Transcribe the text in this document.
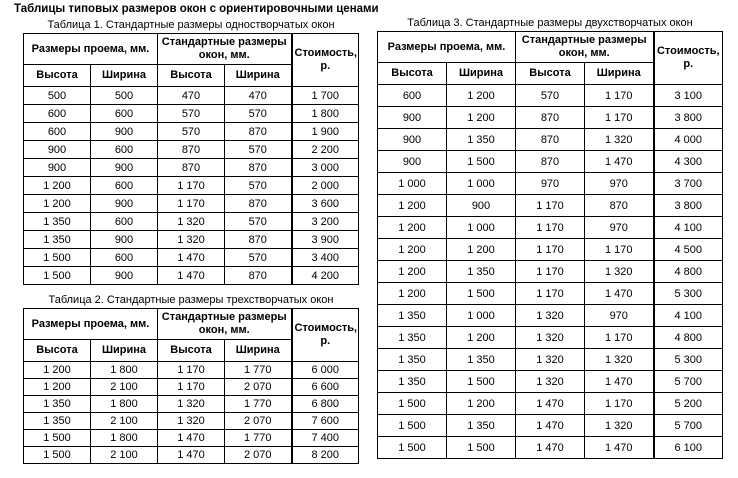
Таблицы типовых размеров окон с ориентировочными ценами
Таблица 1. Стандартные размеры одностворчатых окон
Размеры проема, мм.		Стандартные размеры окон, мм.		Стоимость, р.
Высота	Ширина	Высота	Ширина	
500	500	470	470	1 700
600	600	570	570	1 800
600	900	570	870	1 900
900	600	870	570	2 200
900	900	870	870	3 000
1 200	600	1 170	570	2 000
1 200	900	1 170	870	3 600
1 350	600	1 320	570	3 200
1 350	900	1 320	870	3 900
1 500	600	1 470	570	3 400
1 500	900	1 470	870	4 200
Таблица 2. Стандартные размеры трехстворчатых окон
Размеры проема, мм.		Стандартные размеры окон, мм.		Стоимость, р.
Высота	Ширина	Высота	Ширина	
1 200	1 800	1 170	1 770	6 000
1 200	2 100	1 170	2 070	6 600
1 350	1 800	1 320	1 770	6 800
1 350	2 100	1 320	2 070	7 600
1 500	1 800	1 470	1 770	7 400
1 500	2 100	1 470	2 070	8 200
Таблица 3. Стандартные размеры двухстворчатых окон
Размеры проема, мм.		Стандартные размеры окон, мм.		Стоимость, р.
Высота	Ширина	Высота	Ширина	
600	1 200	570	1 170	3 100
900	1 200	870	1 170	3 800
900	1 350	870	1 320	4 000
900	1 500	870	1 470	4 300
1 000	1 000	970	970	3 700
1 200	900	1 170	870	3 800
1 200	1 000	1 170	970	4 100
1 200	1 200	1 170	1 170	4 500
1 200	1 350	1 170	1 320	4 800
1 200	1 500	1 170	1 470	5 300
1 350	1 000	1 320	970	4 100
1 350	1 200	1 320	1 170	4 800
1 350	1 350	1 320	1 320	5 300
1 350	1 500	1 320	1 470	5 700
1 500	1 200	1 470	1 170	5 200
1 500	1 350	1 470	1 320	5 700
1 500	1 500	1 470	1 470	6 100
